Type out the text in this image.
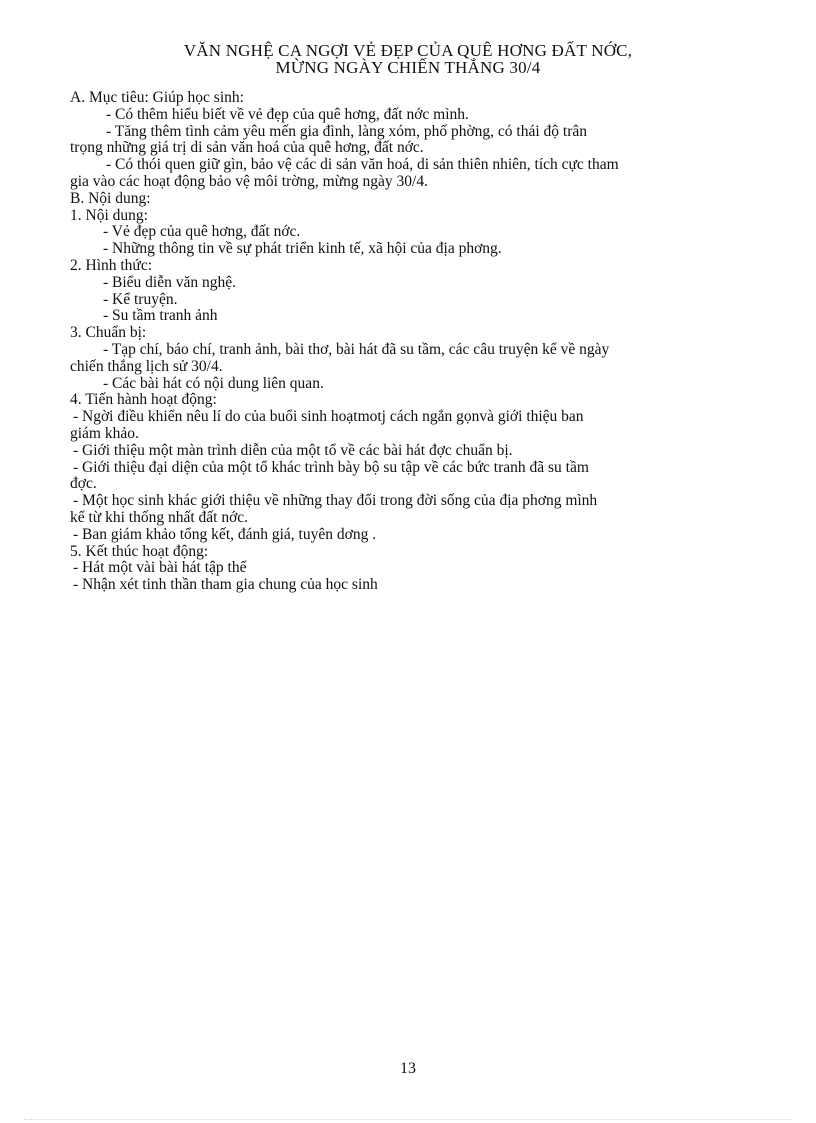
VĂN NGHỆ CA NGỢI VẺ ĐẸP CỦA QUÊ HƠNG ĐẤT NỚC,
MỪNG NGÀY CHIẾN THẮNG 30/4
A. Mục tiêu: Giúp học sinh:
- Có thêm hiểu biết về vẻ đẹp của quê hơng, đất nớc mình.
- Tăng thêm tình cảm yêu mến gia đình, làng xóm, phố phờng, có thái độ trân
trọng những giá trị di sản văn hoá của quê hơng, đất nớc.
- Có thói quen giữ gìn, bảo vệ các di sản văn hoá, di sản thiên nhiên, tích cực tham
gia vào các hoạt động bảo vệ môi trờng, mừng ngày 30/4.
B. Nội dung:
1. Nội dung:
- Vẻ đẹp của quê hơng, đất nớc.
- Những thông tin về sự phát triển kinh tế, xã hội của địa phơng.
2. Hình thức:
- Biểu diễn văn nghệ.
- Kể truyện.
- Su tầm tranh ảnh
3. Chuẩn bị:
- Tạp chí, báo chí, tranh ảnh, bài thơ, bài hát đã su tầm, các câu truyện kể về ngày
chiến thắng lịch sử 30/4.
- Các bài hát có nội dung liên quan.
4. Tiến hành hoạt động:
- Ngời điều khiển nêu lí do của buổi sinh hoạtmotj cách ngắn gọnvà giới thiệu ban
giám khảo.
- Giới thiệu một màn trình diễn của một tổ về các bài hát đợc chuẩn bị.
- Giới thiệu đại diện của một tổ khác trình bày bộ su tập về các bức tranh đã su tầm
đợc.
- Một học sinh khác giới thiệu về những thay đổi trong đời sống của địa phơng mình
kể từ khi thống nhất đất nớc.
- Ban giám khảo tổng kết, đánh giá, tuyên dơng .
5. Kết thúc hoạt động:
- Hát một vài bài hát tập thể
- Nhận xét tinh thần tham gia chung của học sinh
13
